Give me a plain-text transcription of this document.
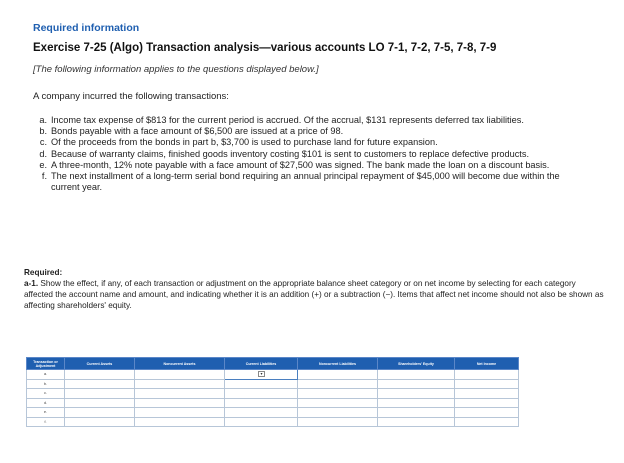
Required information
Exercise 7-25 (Algo) Transaction analysis—various accounts LO 7-1, 7-2, 7-5, 7-8, 7-9
[The following information applies to the questions displayed below.]
A company incurred the following transactions:
a. Income tax expense of $813 for the current period is accrued. Of the accrual, $131 represents deferred tax liabilities.
b. Bonds payable with a face amount of $6,500 are issued at a price of 98.
c. Of the proceeds from the bonds in part b, $3,700 is used to purchase land for future expansion.
d. Because of warranty claims, finished goods inventory costing $101 is sent to customers to replace defective products.
e. A three-month, 12% note payable with a face amount of $27,500 was signed. The bank made the loan on a discount basis.
f. The next installment of a long-term serial bond requiring an annual principal repayment of $45,000 will become due within the current year.
Required:
a-1. Show the effect, if any, of each transaction or adjustment on the appropriate balance sheet category or on net income by selecting for each category affected the account name and amount, and indicating whether it is an addition (+) or a subtraction (−). Items that affect net income should not also be shown as affecting shareholders' equity.
Transaction or Adjustment	Current Assets	Noncurrent Assets	Current Liabilities	Noncurrent Liabilities	Shareholders' Equity	Net Income
a.			▾			
b.						
c.						
d.						
e.						
f.						
